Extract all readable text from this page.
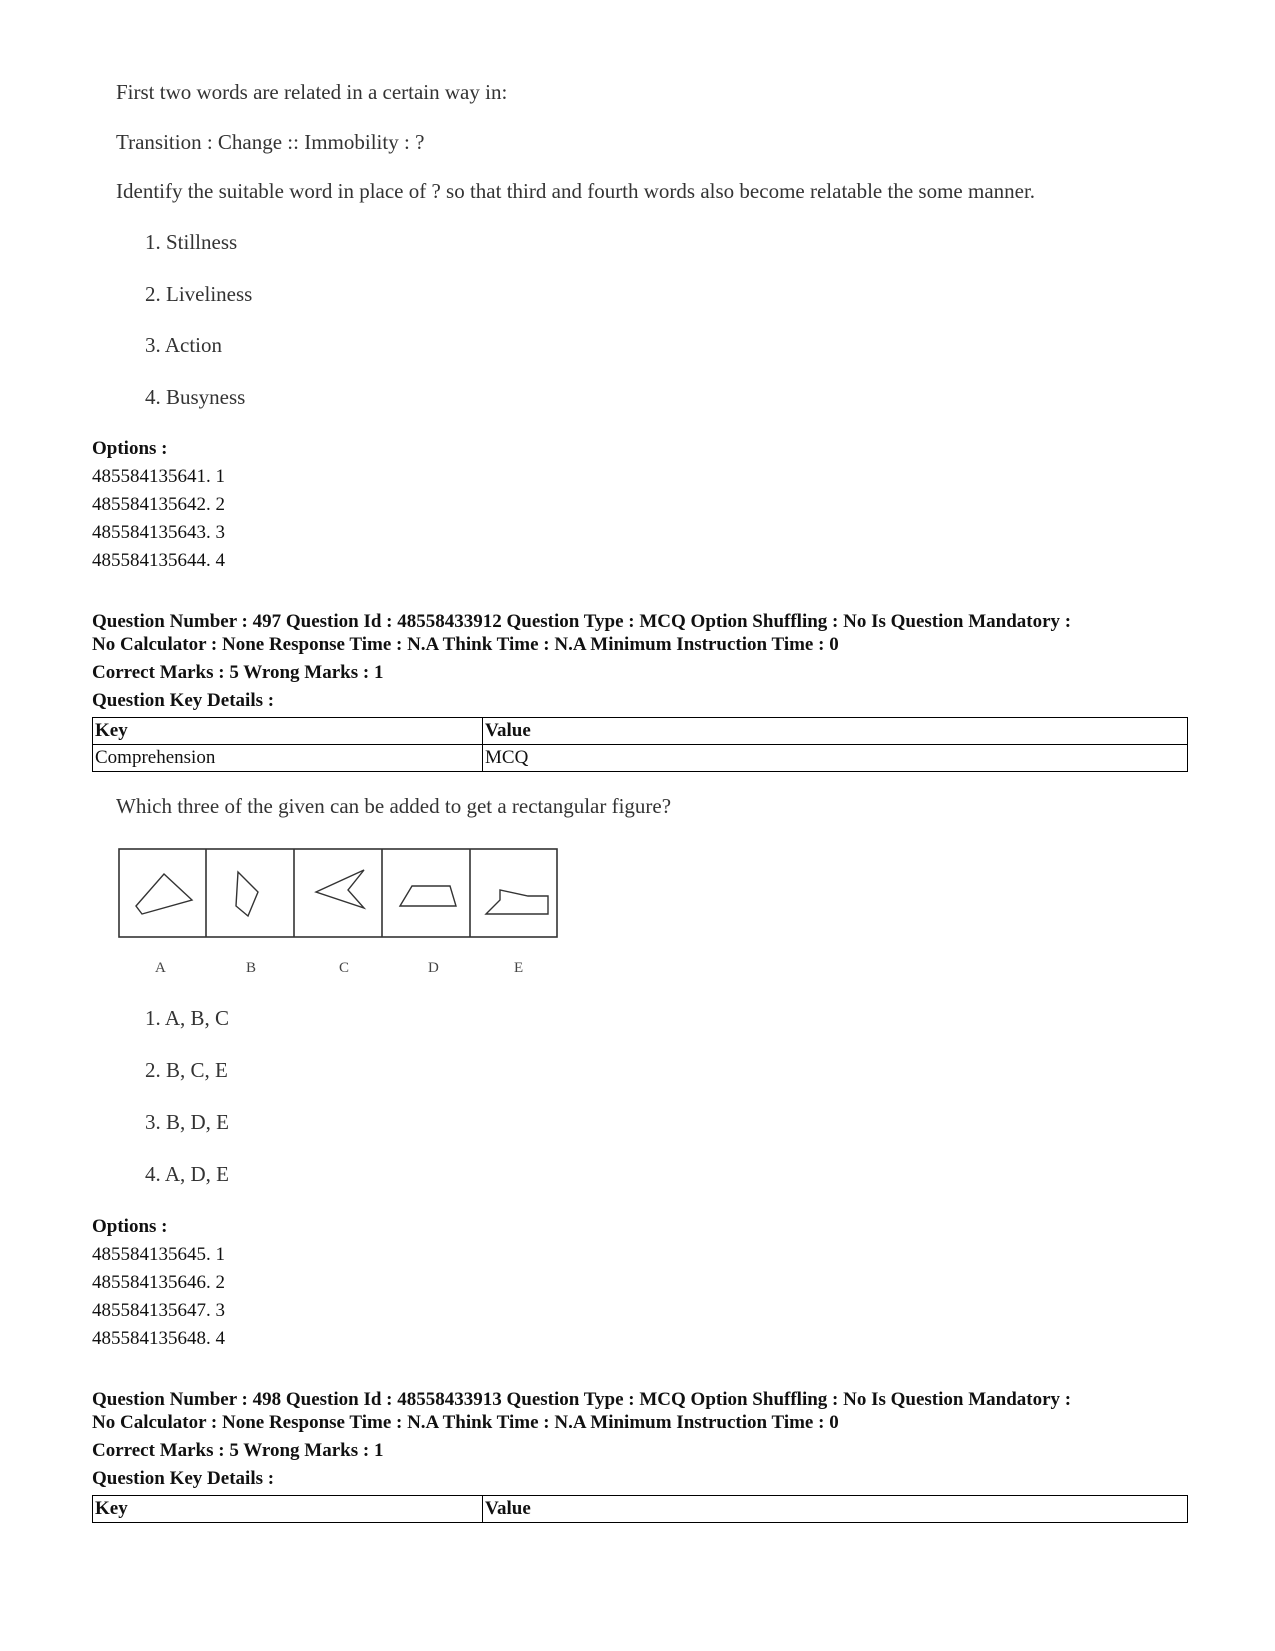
First two words are related in a certain way in:
Transition : Change :: Immobility : ?
Identify the suitable word in place of ? so that third and fourth words also become relatable the some manner.
1. Stillness
2. Liveliness
3. Action
4. Busyness
Options :
485584135641. 1
485584135642. 2
485584135643. 3
485584135644. 4
Question Number : 497 Question Id : 48558433912 Question Type : MCQ Option Shuffling : No Is Question Mandatory :
No Calculator : None Response Time : N.A Think Time : N.A Minimum Instruction Time : 0
Correct Marks : 5 Wrong Marks : 1
Question Key Details :
Key	Value
Comprehension	MCQ
Which three of the given can be added to get a rectangular figure?
A	B	C	D	E
1. A, B, C
2. B, C, E
3. B, D, E
4. A, D, E
Options :
485584135645. 1
485584135646. 2
485584135647. 3
485584135648. 4
Question Number : 498 Question Id : 48558433913 Question Type : MCQ Option Shuffling : No Is Question Mandatory :
No Calculator : None Response Time : N.A Think Time : N.A Minimum Instruction Time : 0
Correct Marks : 5 Wrong Marks : 1
Question Key Details :
Key	Value
